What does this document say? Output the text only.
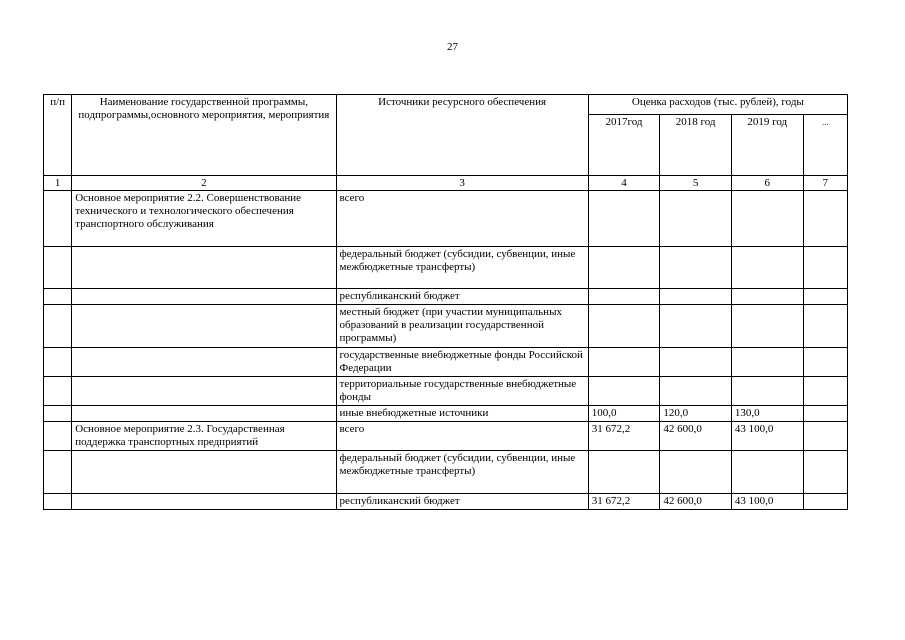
27
п/п	Наименование государственной программы, подпрограммы,основного мероприятия, мероприятия	Источники ресурсного обеспечения	Оценка расходов (тыс. рублей), годы			
			2017год	2018 год	2019 год	...
1	2	3	4	5	6	7
	Основное мероприятие 2.2. Совершенствование технического и технологического обеспечения транспортного обслуживания	всего				
		федеральный бюджет (субсидии, субвенции, иные межбюджетные трансферты)				
		республиканский бюджет				
		местный бюджет (при участии муниципальных образований в реализации государственной программы)				
		государственные внебюджетные фонды Российской Федерации				
		территориальные государственные внебюджетные фонды				
		иные внебюджетные источники	100,0	120,0	130,0	
	Основное мероприятие 2.3. Государственная поддержка транспортных предприятий	всего	31 672,2	42 600,0	43 100,0	
		федеральный бюджет (субсидии, субвенции, иные межбюджетные трансферты)				
		республиканский бюджет	31 672,2	42 600,0	43 100,0	
